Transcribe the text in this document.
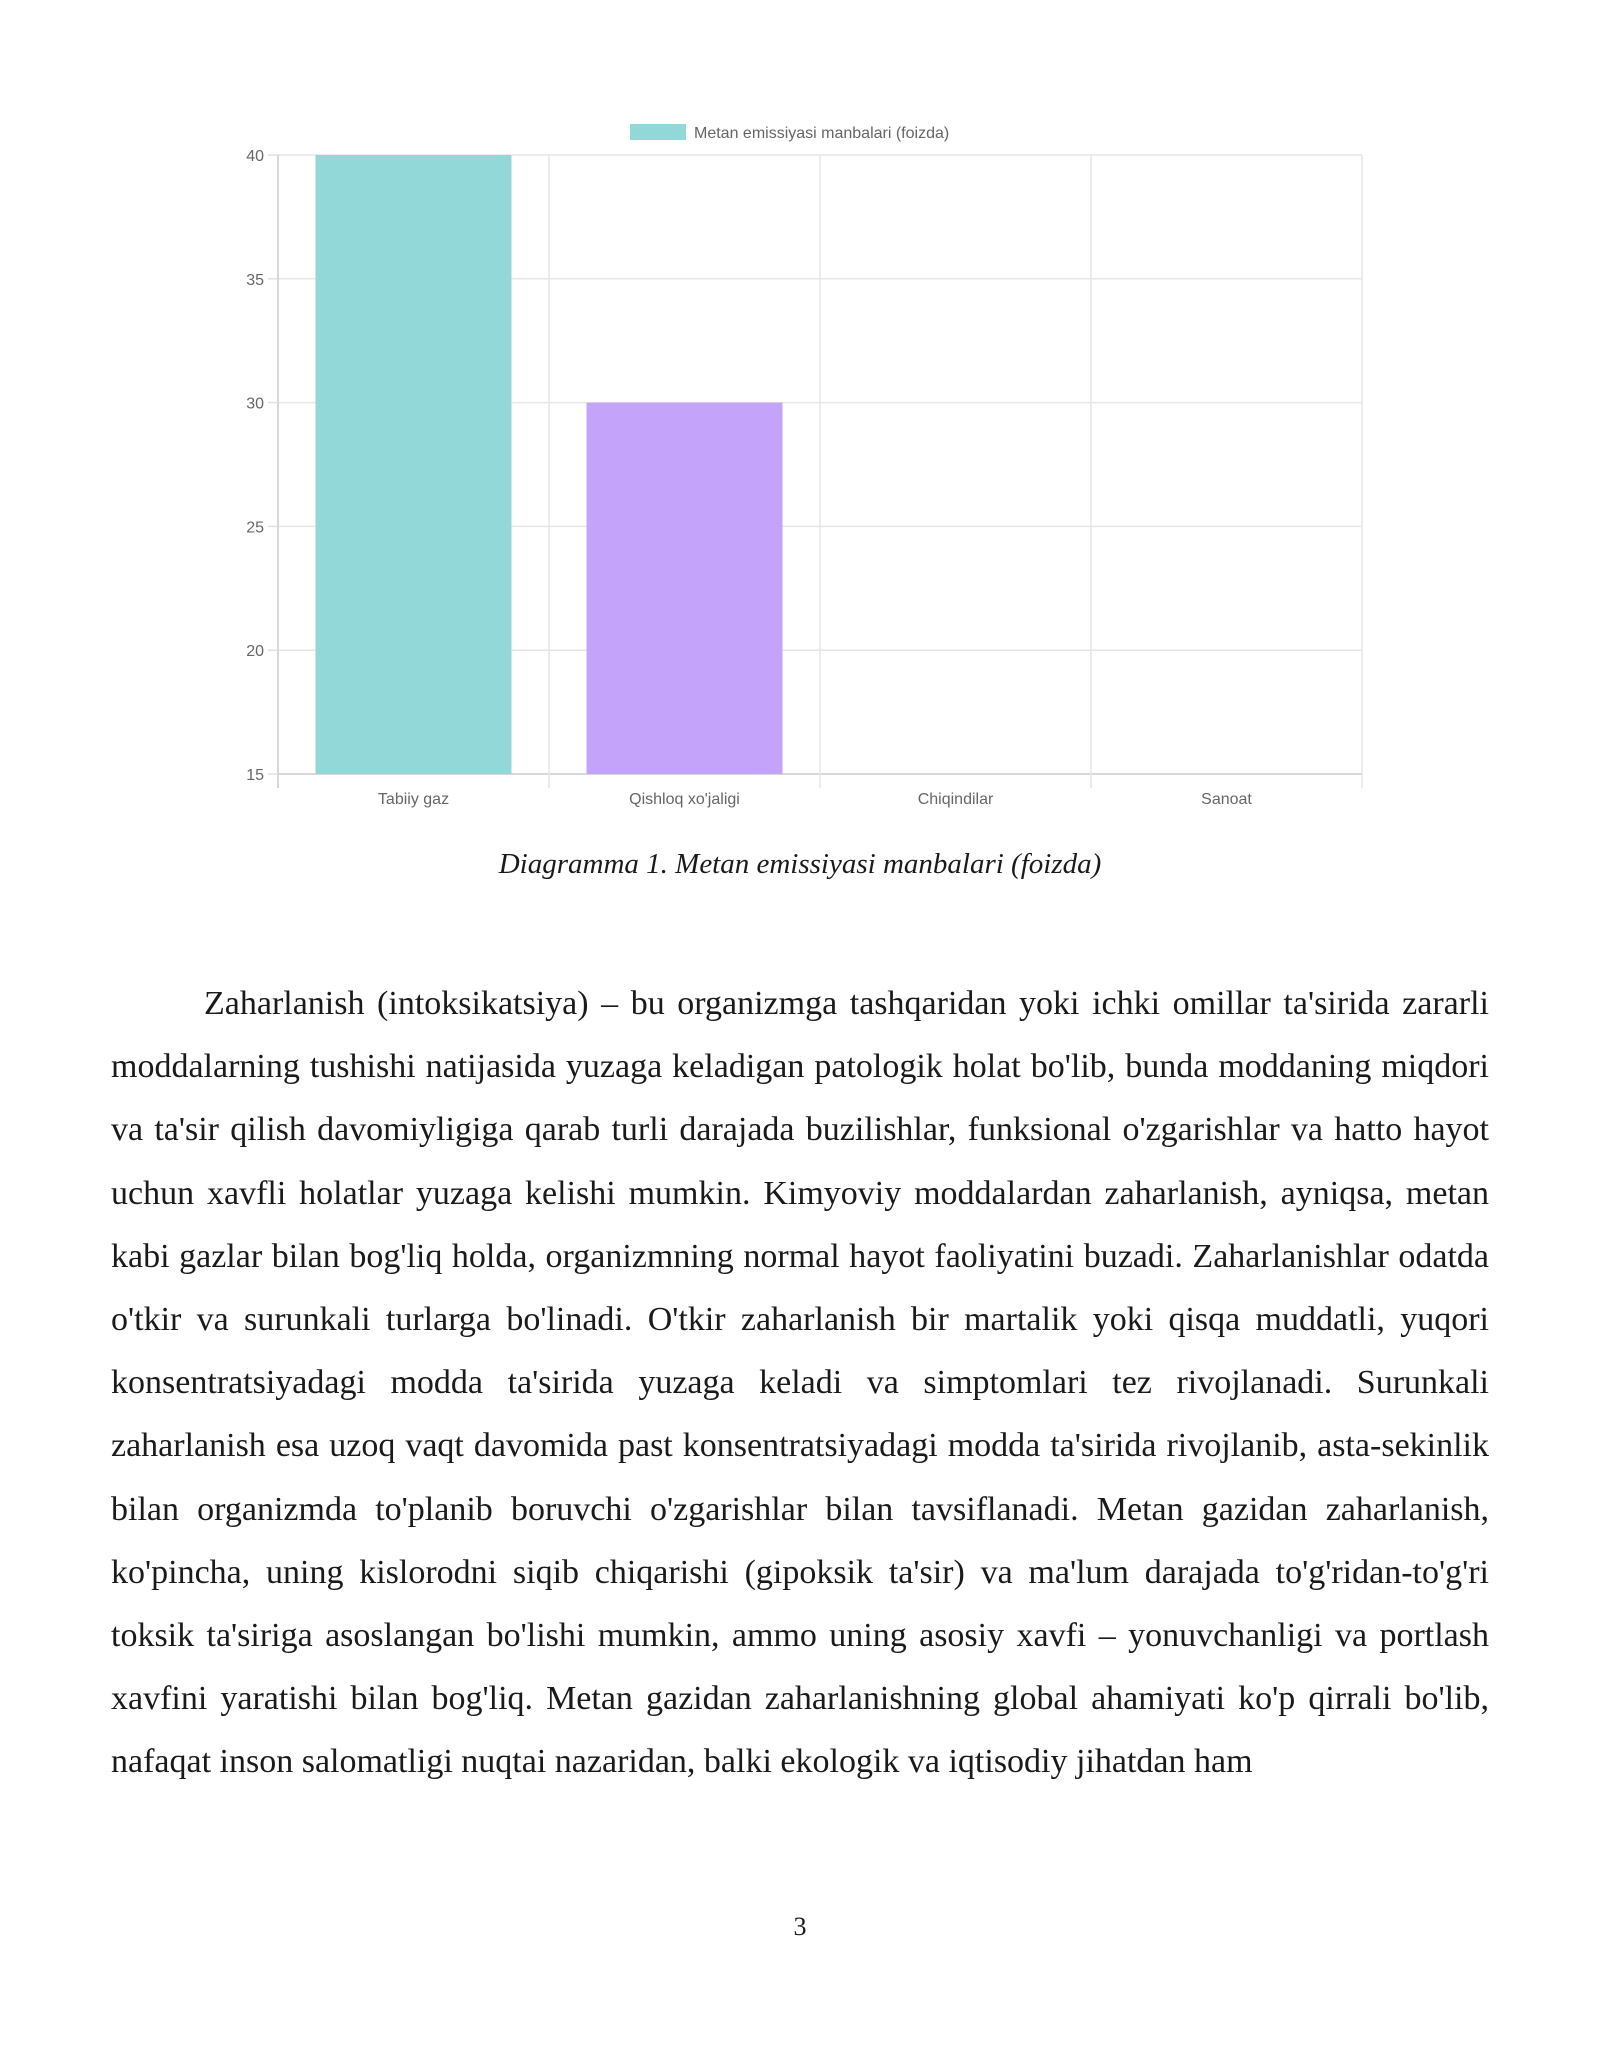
15
20
25
30
35
40
Tabiiy gaz	Qishloq xo'jaligi	Chiqindilar	Sanoat
Metan emissiyasi manbalari (foizda)
Diagramma 1. Metan emissiyasi manbalari (foizda)

Zaharlanish (intoksikatsiya) – bu organizmga tashqaridan yoki ichki omillar ta'sirida zararli moddalarning tushishi natijasida yuzaga keladigan patologik holat bo'lib, bunda moddaning miqdori va ta'sir qilish davomiyligiga qarab turli darajada buzilishlar, funksional o'zgarishlar va hatto hayot uchun xavfli holatlar yuzaga kelishi mumkin. Kimyoviy moddalardan zaharlanish, ayniqsa, metan kabi gazlar bilan bog'liq holda, organizmning normal hayot faoliyatini buzadi. Zaharlanishlar odatda o'tkir va surunkali turlarga bo'linadi. O'tkir zaharlanish bir martalik yoki qisqa muddatli, yuqori konsentratsiyadagi modda ta'sirida yuzaga keladi va simptomlari tez rivojlanadi. Surunkali zaharlanish esa uzoq vaqt davomida past konsentratsiyadagi modda ta'sirida rivojlanib, asta-sekinlik bilan organizmda to'planib boruvchi o'zgarishlar bilan tavsiflanadi. Metan gazidan zaharlanish, ko'pincha, uning kislorodni siqib chiqarishi (gipoksik ta'sir) va ma'lum darajada to'g'ridan-to'g'ri toksik ta'siriga asoslangan bo'lishi mumkin, ammo uning asosiy xavfi – yonuvchanligi va portlash xavfini yaratishi bilan bog'liq. Metan gazidan zaharlanishning global ahamiyati ko'p qirrali bo'lib, nafaqat inson salomatligi nuqtai nazaridan, balki ekologik va iqtisodiy jihatdan ham

3
